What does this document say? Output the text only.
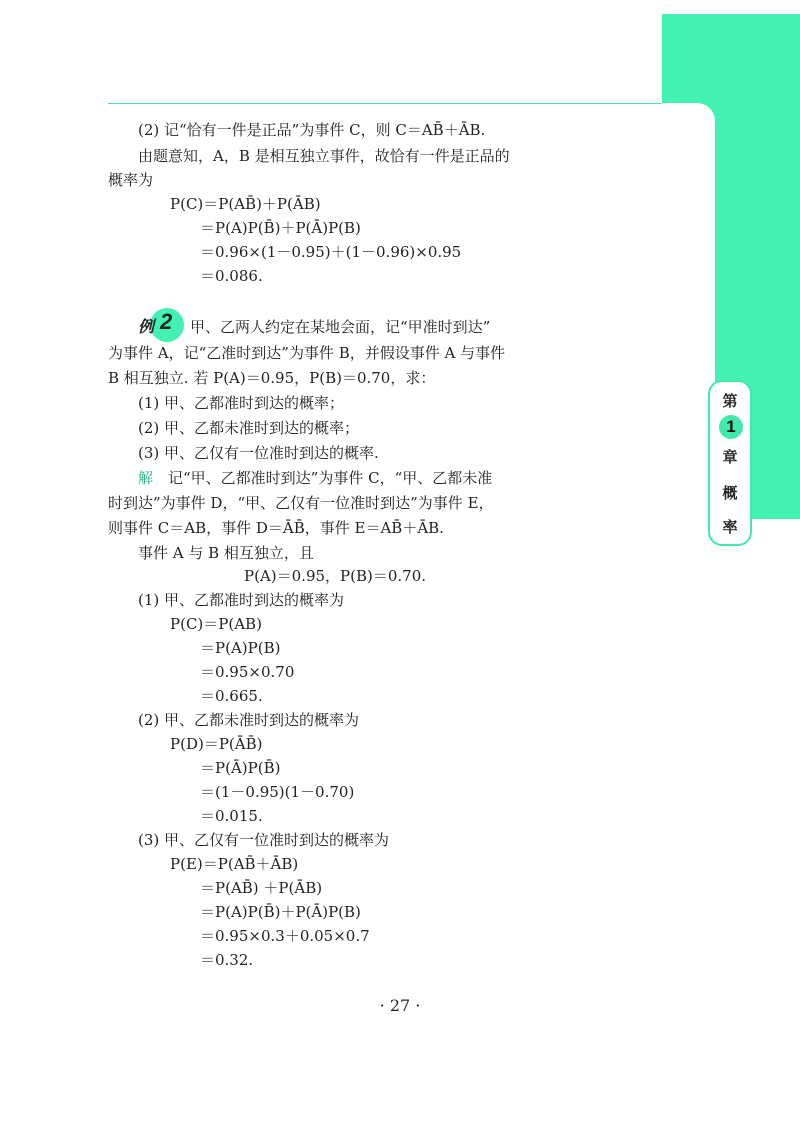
第
1
章
概
率
(2) 记“恰有一件是正品”为事件 C，则 C＝AB̄＋ĀB.
由题意知，A，B 是相互独立事件，故恰有一件是正品的
概率为
P(C)＝P(AB̄)＋P(ĀB)
＝P(A)P(B̄)＋P(Ā)P(B)
＝0.96×(1－0.95)＋(1－0.96)×0.95
＝0.086.
例 2 甲、乙两人约定在某地会面，记“甲准时到达”
为事件 A，记“乙准时到达”为事件 B，并假设事件 A 与事件
B 相互独立. 若 P(A)＝0.95，P(B)＝0.70，求：
(1) 甲、乙都准时到达的概率；
(2) 甲、乙都未准时到达的概率；
(3) 甲、乙仅有一位准时到达的概率.
解 记“甲、乙都准时到达”为事件 C，“甲、乙都未准
时到达”为事件 D，“甲、乙仅有一位准时到达”为事件 E，
则事件 C＝AB，事件 D＝ĀB̄，事件 E＝AB̄＋ĀB.
事件 A 与 B 相互独立，且
P(A)＝0.95，P(B)＝0.70.
(1) 甲、乙都准时到达的概率为
P(C)＝P(AB)
＝P(A)P(B)
＝0.95×0.70
＝0.665.
(2) 甲、乙都未准时到达的概率为
P(D)＝P(ĀB̄)
＝P(Ā)P(B̄)
＝(1－0.95)(1－0.70)
＝0.015.
(3) 甲、乙仅有一位准时到达的概率为
P(E)＝P(AB̄＋ĀB)
＝P(AB̄) ＋P(ĀB)
＝P(A)P(B̄)＋P(Ā)P(B)
＝0.95×0.3＋0.05×0.7
＝0.32.
· 27 ·
